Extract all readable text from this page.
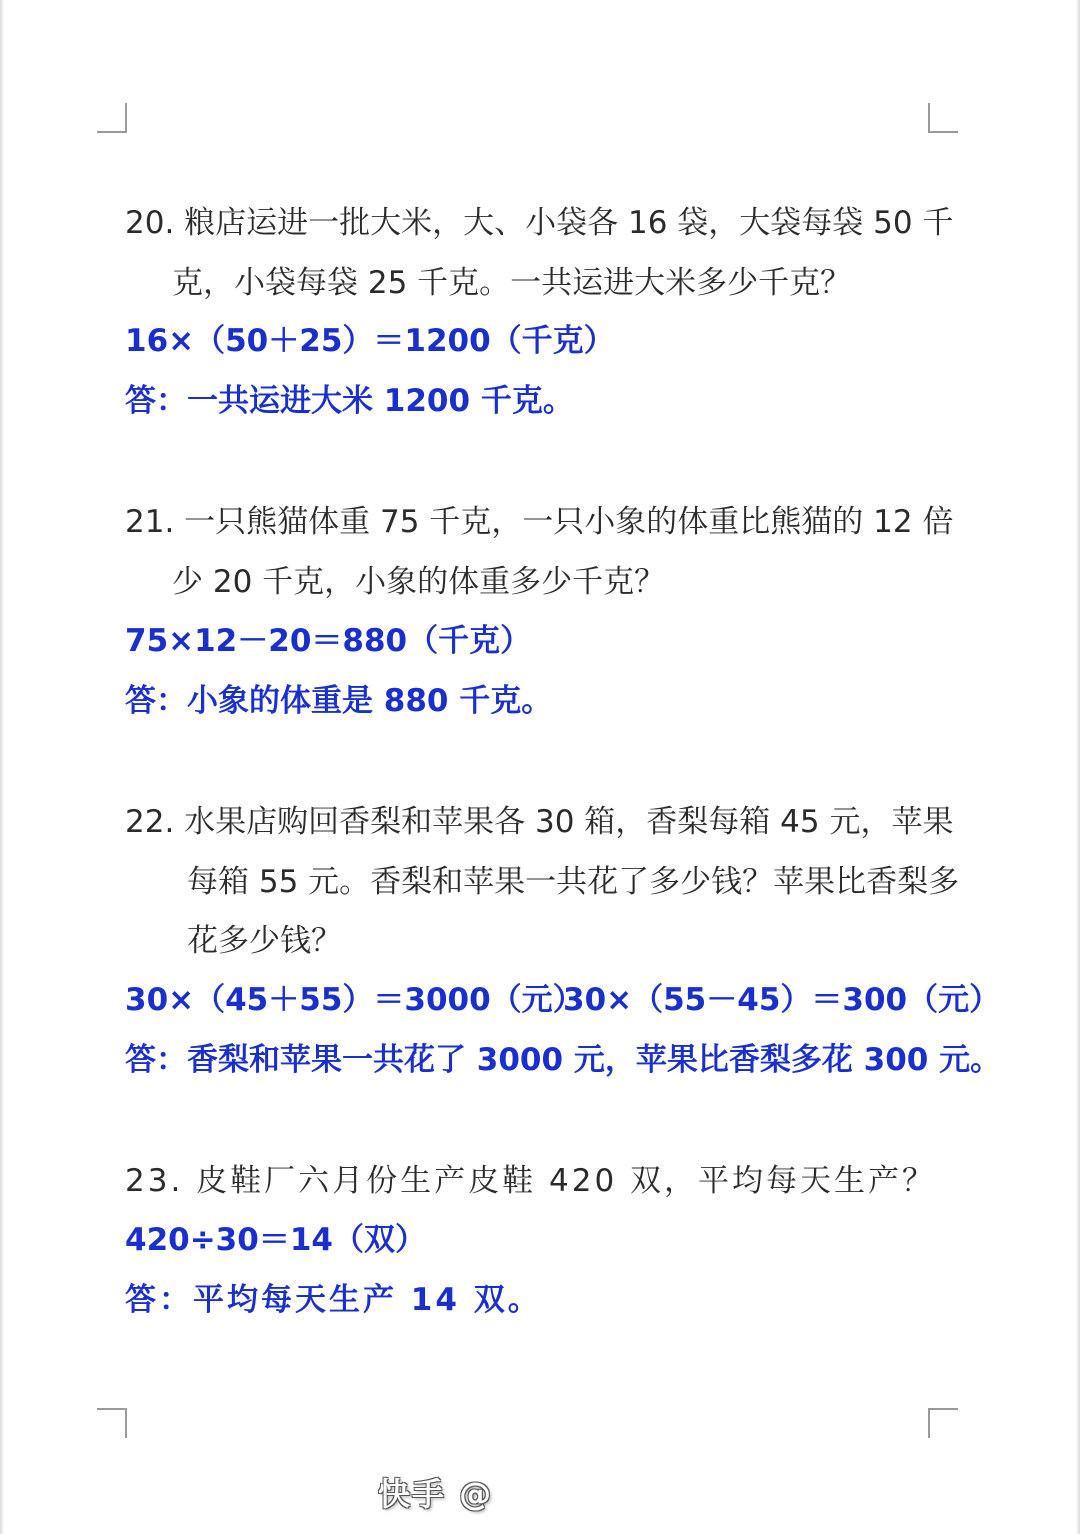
20. 粮店运进一批大米，大、小袋各 16 袋，大袋每袋 50 千
克，小袋每袋 25 千克。一共运进大米多少千克？
16×（50＋25）＝1200（千克）
答：一共运进大米 1200 千克。
21. 一只熊猫体重 75 千克，一只小象的体重比熊猫的 12 倍
少 20 千克，小象的体重多少千克？
75×12－20＝880（千克）
答：小象的体重是 880 千克。
22. 水果店购回香梨和苹果各 30 箱，香梨每箱 45 元，苹果
每箱 55 元。香梨和苹果一共花了多少钱？苹果比香梨多
花多少钱？
30×（45＋55）＝3000（元）
30×（55－45）＝300（元）
答：香梨和苹果一共花了 3000 元，苹果比香梨多花 300 元。
23. 皮鞋厂六月份生产皮鞋 420 双，平均每天生产？
420÷30＝14（双）
答：平均每天生产 14 双。
快手 @
